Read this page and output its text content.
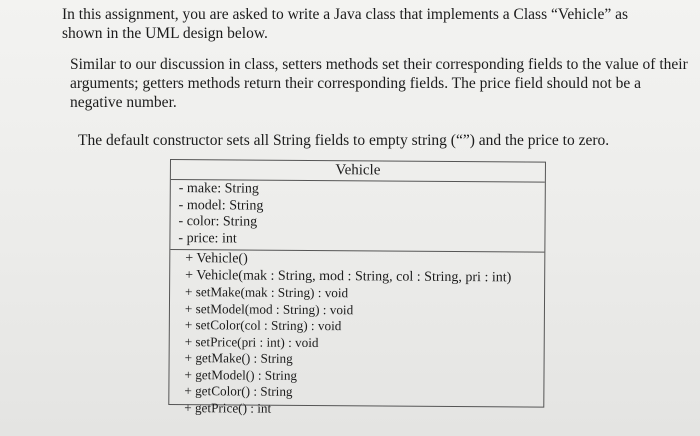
In this assignment, you are asked to write a Java class that implements a Class “Vehicle” as shown in the UML design below.

Similar to our discussion in class, setters methods set their corresponding fields to the value of their arguments; getters methods return their corresponding fields. The price field should not be a negative number.

The default constructor sets all String fields to empty string (“”) and the price to zero.

Vehicle
- make: String
- model: String
- color: String
- price: int
+ Vehicle()
+ Vehicle(mak : String, mod : String, col : String, pri : int)
+ setMake(mak : String) : void
+ setModel(mod : String) : void
+ setColor(col : String) : void
+ setPrice(pri : int) : void
+ getMake() : String
+ getModel() : String
+ getColor() : String
+ getPrice() : int
